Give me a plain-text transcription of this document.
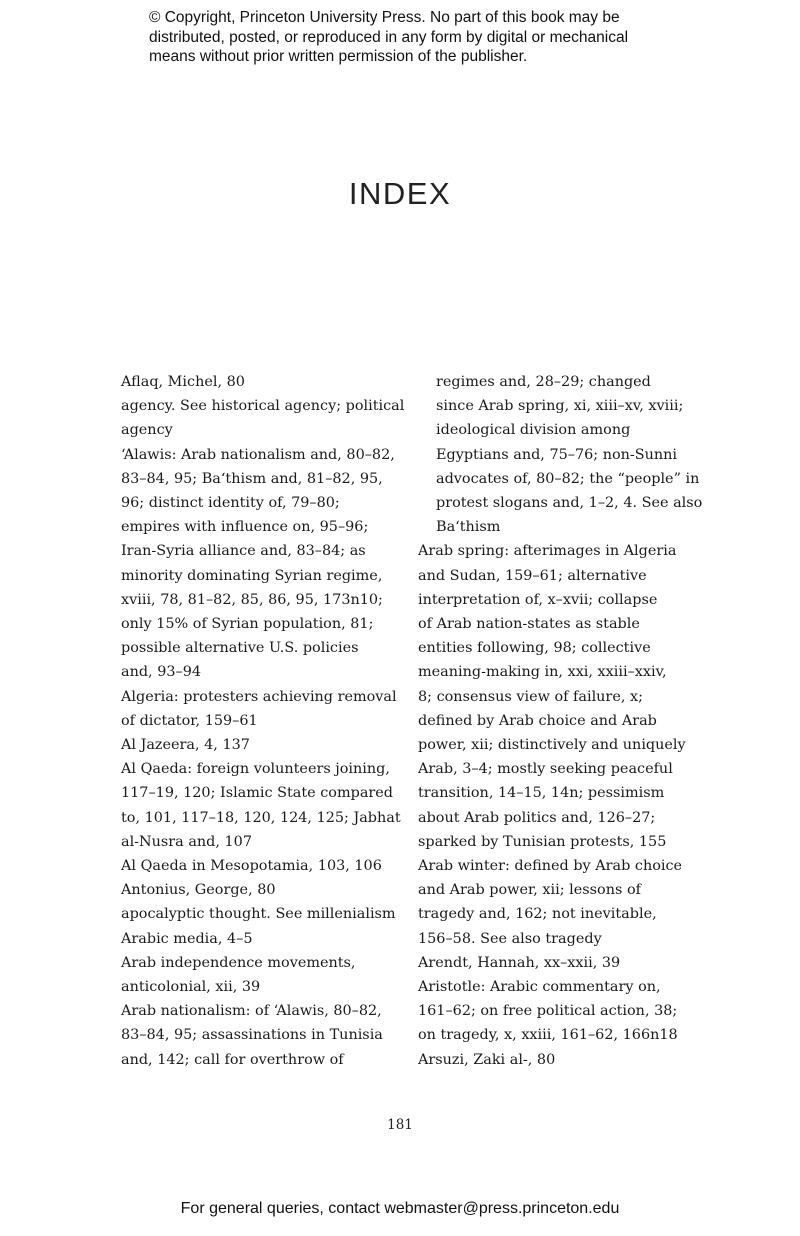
© Copyright, Princeton University Press. No part of this book may be
distributed, posted, or reproduced in any form by digital or mechanical
means without prior written permission of the publisher.
INDEX
Aflaq, Michel, 80
agency. See historical agency; political
agency
‘Alawis: Arab nationalism and, 80–82,
83–84, 95; Ba‘thism and, 81–82, 95,
96; distinct identity of, 79–80;
empires with influence on, 95–96;
Iran-Syria alliance and, 83–84; as
minority dominating Syrian regime,
xviii, 78, 81–82, 85, 86, 95, 173n10;
only 15% of Syrian population, 81;
possible alternative U.S. policies
and, 93–94
Algeria: protesters achieving removal
of dictator, 159–61
Al Jazeera, 4, 137
Al Qaeda: foreign volunteers joining,
117–19, 120; Islamic State compared
to, 101, 117–18, 120, 124, 125; Jabhat
al-Nusra and, 107
Al Qaeda in Mesopotamia, 103, 106
Antonius, George, 80
apocalyptic thought. See millenialism
Arabic media, 4–5
Arab independence movements,
anticolonial, xii, 39
Arab nationalism: of ‘Alawis, 80–82,
83–84, 95; assassinations in Tunisia
and, 142; call for overthrow of
regimes and, 28–29; changed
since Arab spring, xi, xiii–xv, xviii;
ideological division among
Egyptians and, 75–76; non-Sunni
advocates of, 80–82; the “people” in
protest slogans and, 1–2, 4. See also
Ba‘thism
Arab spring: afterimages in Algeria
and Sudan, 159–61; alternative
interpretation of, x–xvii; collapse
of Arab nation-states as stable
entities following, 98; collective
meaning-making in, xxi, xxiii–xxiv,
8; consensus view of failure, x;
defined by Arab choice and Arab
power, xii; distinctively and uniquely
Arab, 3–4; mostly seeking peaceful
transition, 14–15, 14n; pessimism
about Arab politics and, 126–27;
sparked by Tunisian protests, 155
Arab winter: defined by Arab choice
and Arab power, xii; lessons of
tragedy and, 162; not inevitable,
156–58. See also tragedy
Arendt, Hannah, xx–xxii, 39
Aristotle: Arabic commentary on,
161–62; on free political action, 38;
on tragedy, x, xxiii, 161–62, 166n18
Arsuzi, Zaki al-, 80
181
For general queries, contact webmaster@press.princeton.edu
